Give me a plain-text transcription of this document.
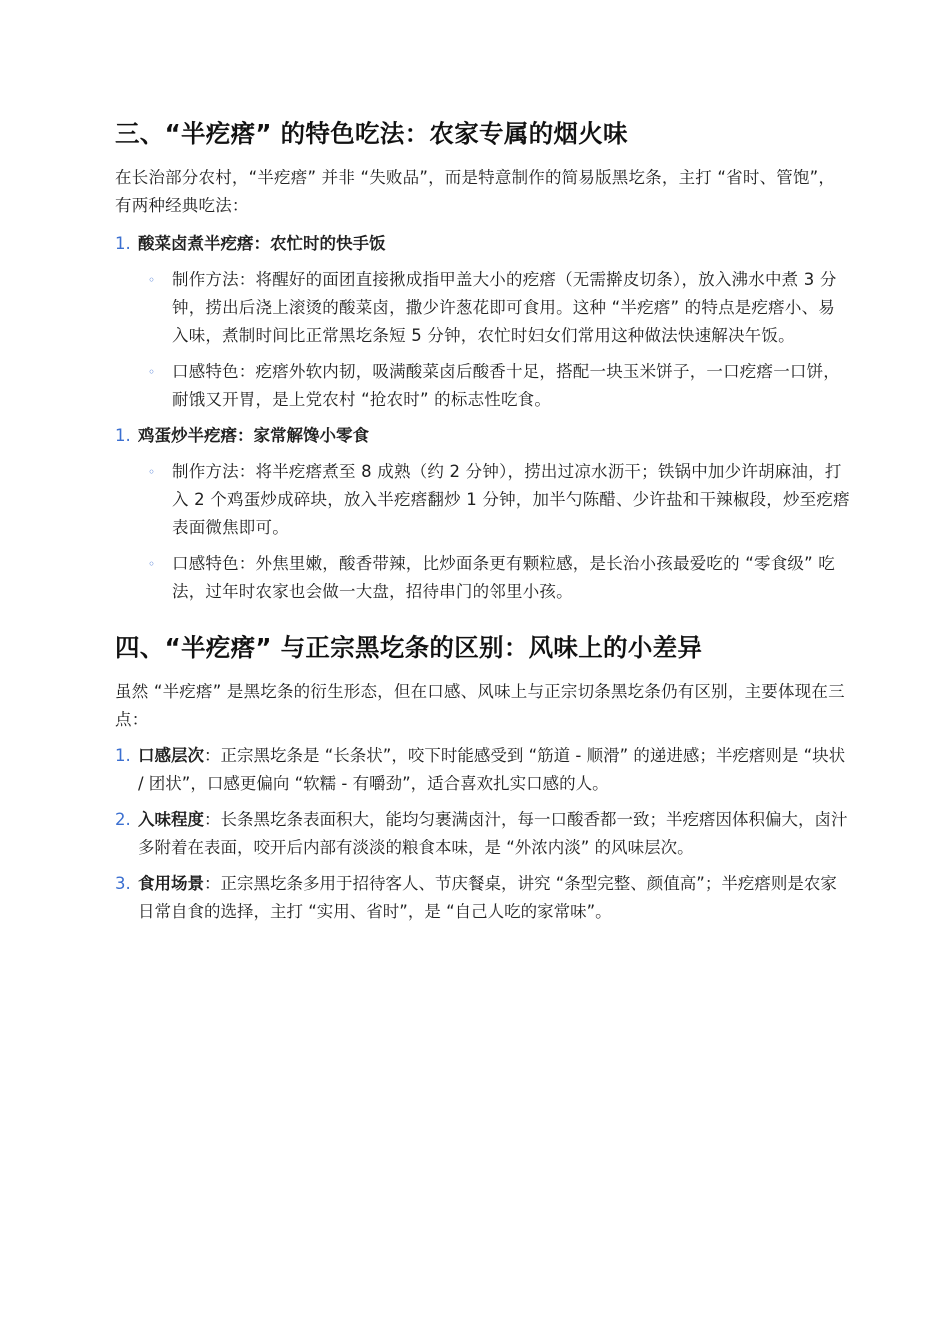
三、“半疙瘩” 的特色吃法：农家专属的烟火味

在长治部分农村，“半疙瘩” 并非 “失败品”，而是特意制作的简易版黑圪条，主打 “省时、管饱”，有两种经典吃法：

1. 酸菜卤煮半疙瘩：农忙时的快手饭
◦ 制作方法：将醒好的面团直接揪成指甲盖大小的疙瘩（无需擀皮切条），放入沸水中煮 3 分钟，捞出后浇上滚烫的酸菜卤，撒少许葱花即可食用。这种 “半疙瘩” 的特点是疙瘩小、易入味，煮制时间比正常黑圪条短 5 分钟，农忙时妇女们常用这种做法快速解决午饭。
◦ 口感特色：疙瘩外软内韧，吸满酸菜卤后酸香十足，搭配一块玉米饼子，一口疙瘩一口饼，耐饿又开胃，是上党农村 “抢农时” 的标志性吃食。
1. 鸡蛋炒半疙瘩：家常解馋小零食
◦ 制作方法：将半疙瘩煮至 8 成熟（约 2 分钟），捞出过凉水沥干；铁锅中加少许胡麻油，打入 2 个鸡蛋炒成碎块，放入半疙瘩翻炒 1 分钟，加半勺陈醋、少许盐和干辣椒段，炒至疙瘩表面微焦即可。
◦ 口感特色：外焦里嫩，酸香带辣，比炒面条更有颗粒感，是长治小孩最爱吃的 “零食级” 吃法，过年时农家也会做一大盘，招待串门的邻里小孩。
四、“半疙瘩” 与正宗黑圪条的区别：风味上的小差异

虽然 “半疙瘩” 是黑圪条的衍生形态，但在口感、风味上与正宗切条黑圪条仍有区别，主要体现在三点：

1. 口感层次：正宗黑圪条是 “长条状”，咬下时能感受到 “筋道 - 顺滑” 的递进感；半疙瘩则是 “块状 / 团状”，口感更偏向 “软糯 - 有嚼劲”，适合喜欢扎实口感的人。
2. 入味程度：长条黑圪条表面积大，能均匀裹满卤汁，每一口酸香都一致；半疙瘩因体积偏大，卤汁多附着在表面，咬开后内部有淡淡的粮食本味，是 “外浓内淡” 的风味层次。
3. 食用场景：正宗黑圪条多用于招待客人、节庆餐桌，讲究 “条型完整、颜值高”；半疙瘩则是农家日常自食的选择，主打 “实用、省时”，是 “自己人吃的家常味”。
